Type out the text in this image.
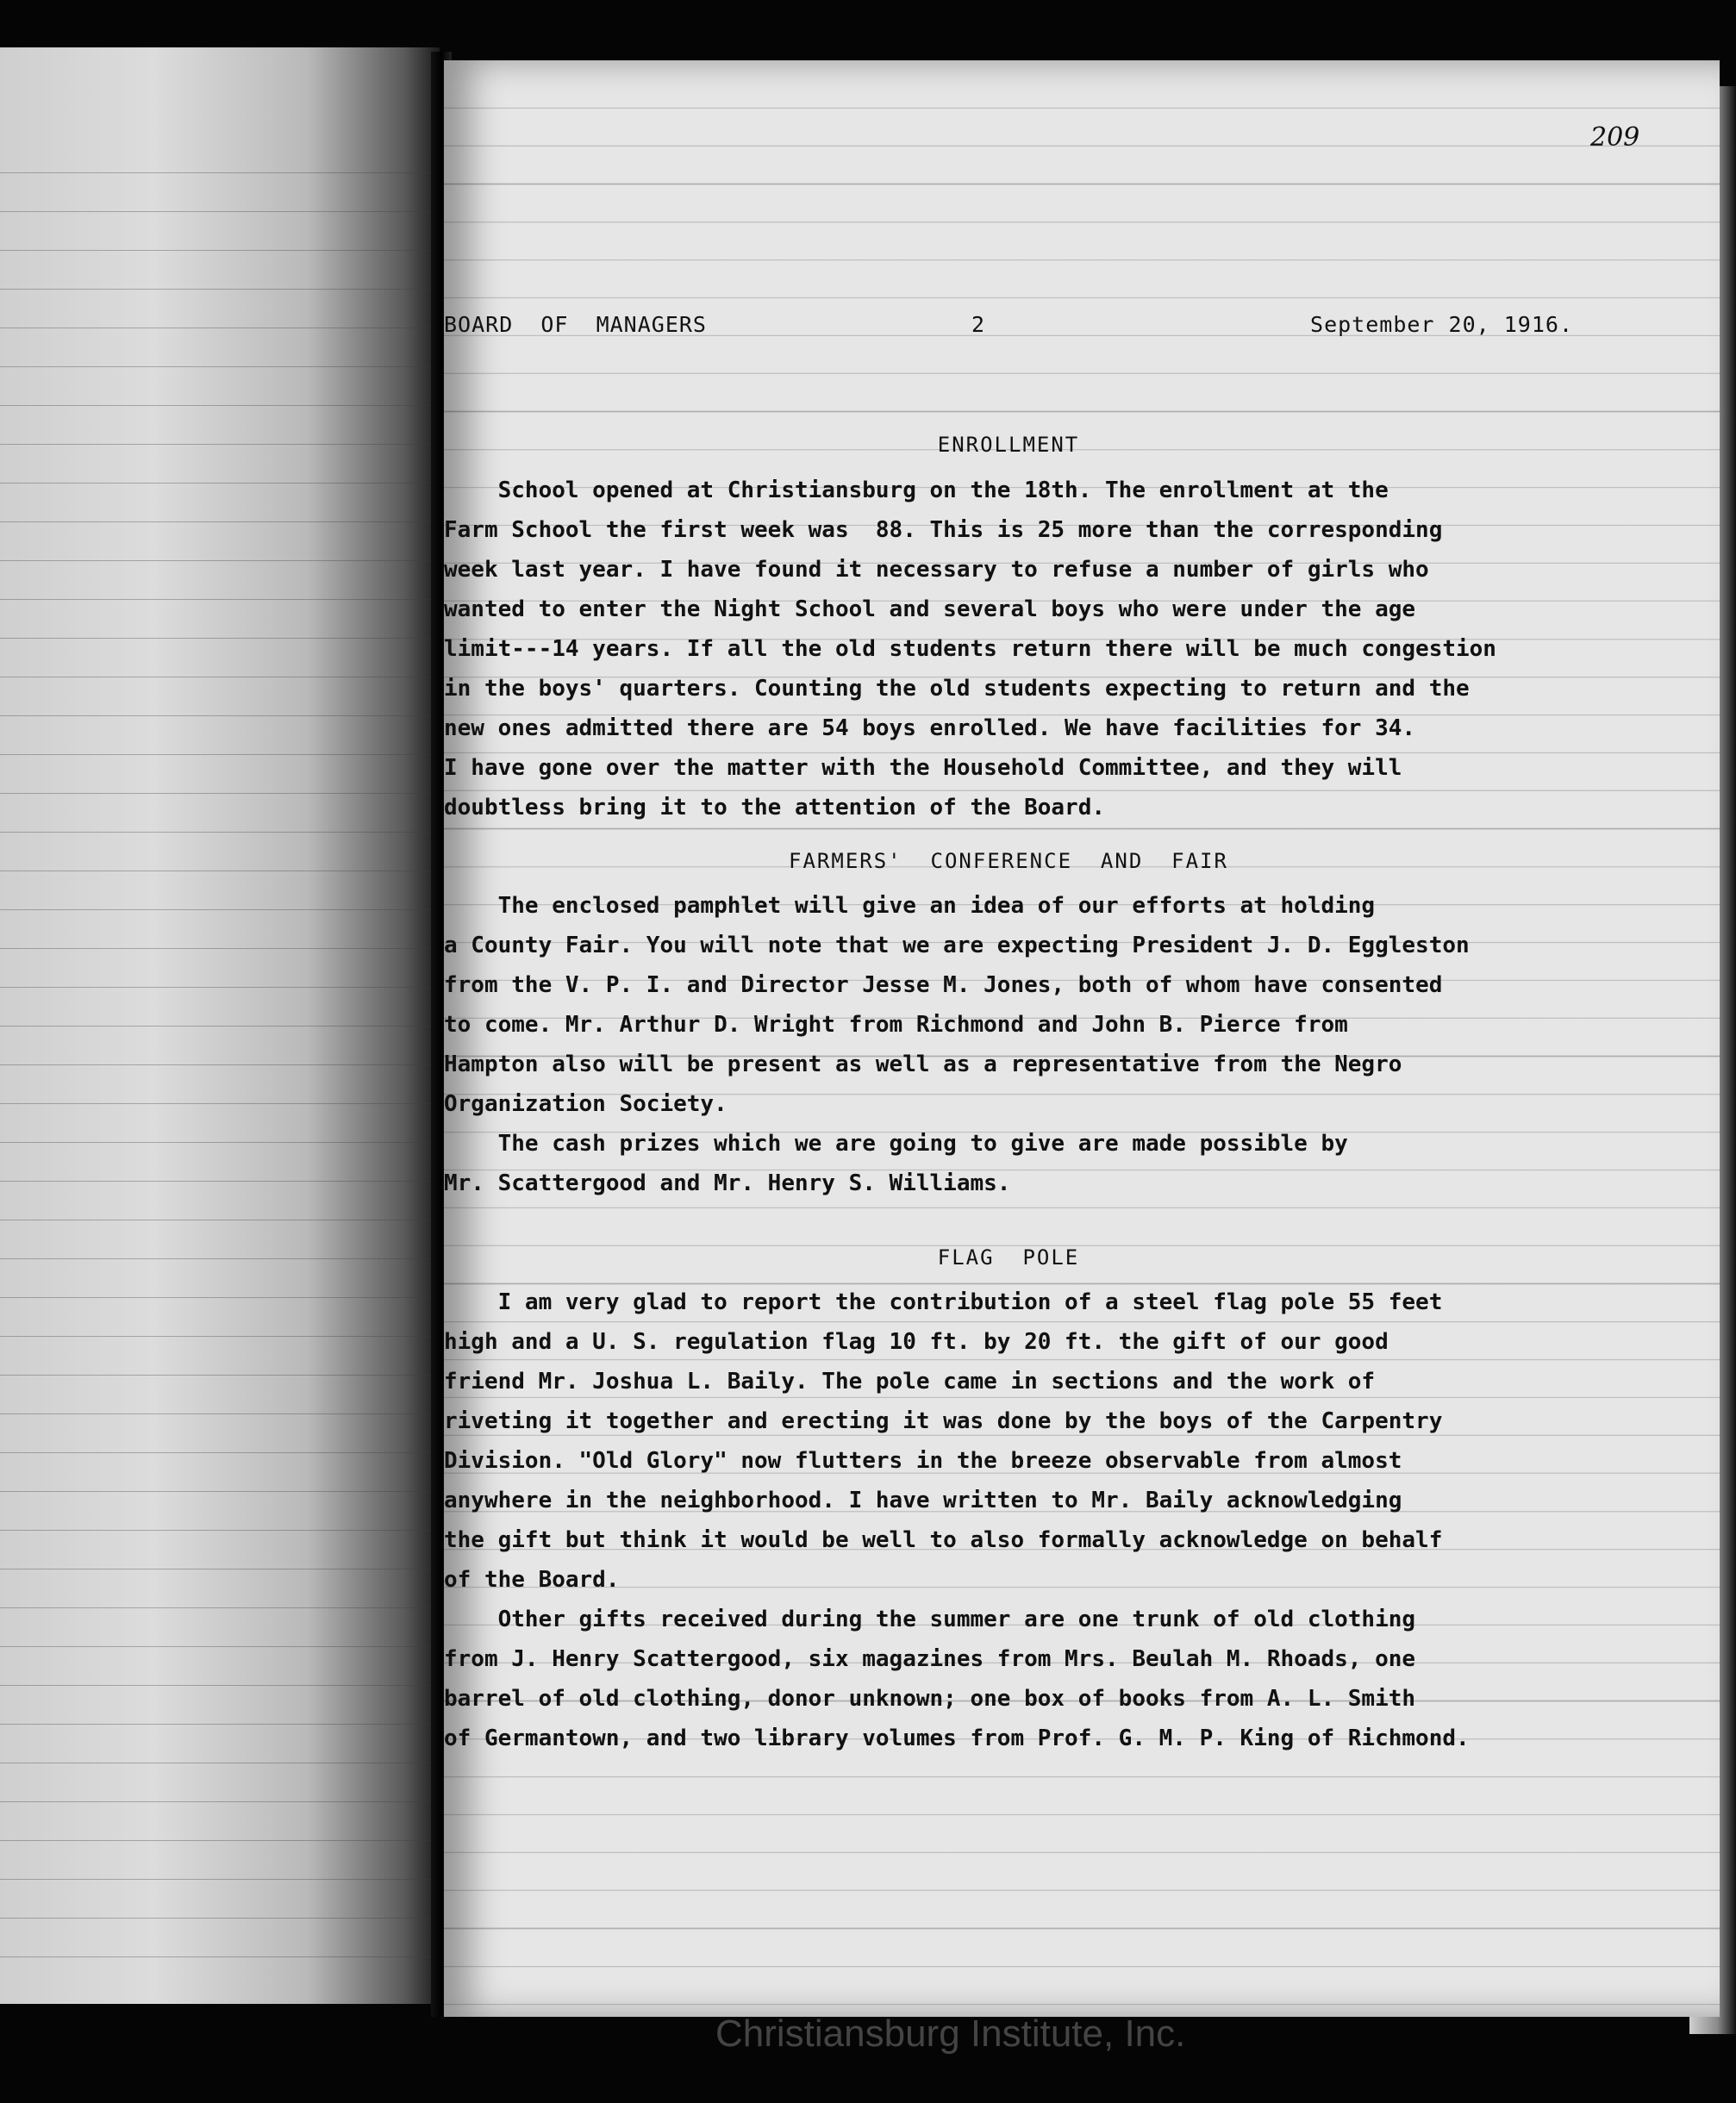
209
BOARD  OF  MANAGERS	2	September 20, 1916.
ENROLLMENT

School opened at Christiansburg on the 18th. The enrollment at the
Farm School the first week was  88. This is 25 more than the corresponding
week last year. I have found it necessary to refuse a number of girls who
wanted to enter the Night School and several boys who were under the age
limit---14 years. If all the old students return there will be much congestion
in the boys' quarters. Counting the old students expecting to return and the
new ones admitted there are 54 boys enrolled. We have facilities for 34.
I have gone over the matter with the Household Committee, and they will
doubtless bring it to the attention of the Board.

FARMERS'  CONFERENCE  AND  FAIR

The enclosed pamphlet will give an idea of our efforts at holding
a County Fair. You will note that we are expecting President J. D. Eggleston
from the V. P. I. and Director Jesse M. Jones, both of whom have consented
to come. Mr. Arthur D. Wright from Richmond and John B. Pierce from
Hampton also will be present as well as a representative from the Negro
Organization Society.

The cash prizes which we are going to give are made possible by
Mr. Scattergood and Mr. Henry S. Williams.

FLAG  POLE

I am very glad to report the contribution of a steel flag pole 55 feet
high and a U. S. regulation flag 10 ft. by 20 ft. the gift of our good
friend Mr. Joshua L. Baily. The pole came in sections and the work of
riveting it together and erecting it was done by the boys of the Carpentry
Division. "Old Glory" now flutters in the breeze observable from almost
anywhere in the neighborhood. I have written to Mr. Baily acknowledging
the gift but think it would be well to also formally acknowledge on behalf
of the Board.

Other gifts received during the summer are one trunk of old clothing
from J. Henry Scattergood, six magazines from Mrs. Beulah M. Rhoads, one
barrel of old clothing, donor unknown; one box of books from A. L. Smith
of Germantown, and two library volumes from Prof. G. M. P. King of Richmond.

Christiansburg Institute, Inc.
